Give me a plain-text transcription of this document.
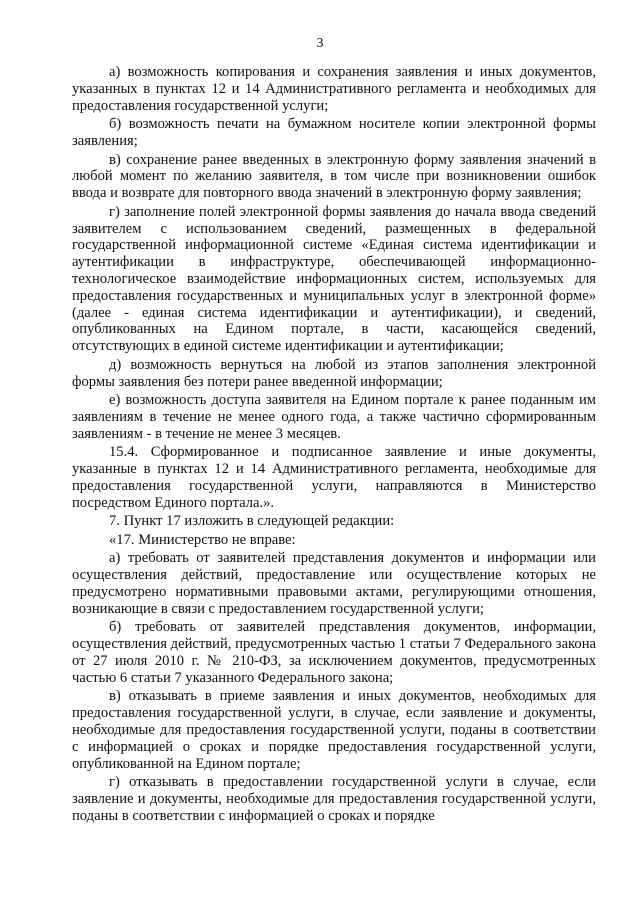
3

а) возможность копирования и сохранения заявления и иных документов, указанных в пунктах 12 и 14 Административного регламента и необходимых для предоставления государственной услуги;

б) возможность печати на бумажном носителе копии электронной формы заявления;

в) сохранение ранее введенных в электронную форму заявления значений в любой момент по желанию заявителя, в том числе при возникновении ошибок ввода и возврате для повторного ввода значений в электронную форму заявления;

г) заполнение полей электронной формы заявления до начала ввода сведений заявителем с использованием сведений, размещенных в федеральной государственной информационной системе «Единая система идентификации и аутентификации в инфраструктуре, обеспечивающей информационно-технологическое взаимодействие информационных систем, используемых для предоставления государственных и муниципальных услуг в электронной форме» (далее - единая система идентификации и аутентификации), и сведений, опубликованных на Едином портале, в части, касающейся сведений, отсутствующих в единой системе идентификации и аутентификации;

д) возможность вернуться на любой из этапов заполнения электронной формы заявления без потери ранее введенной информации;

е) возможность доступа заявителя на Едином портале к ранее поданным им заявлениям в течение не менее одного года, а также частично сформированным заявлениям - в течение не менее 3 месяцев.

15.4. Сформированное и подписанное заявление и иные документы, указанные в пунктах 12 и 14 Административного регламента, необходимые для предоставления государственной услуги, направляются в Министерство посредством Единого портала.».

7. Пункт 17 изложить в следующей редакции:

«17. Министерство не вправе:

а) требовать от заявителей представления документов и информации или осуществления действий, предоставление или осуществление которых не предусмотрено нормативными правовыми актами, регулирующими отношения, возникающие в связи с предоставлением государственной услуги;

б) требовать от заявителей представления документов, информации, осуществления действий, предусмотренных частью 1 статьи 7 Федерального закона от 27 июля 2010 г. № 210-ФЗ, за исключением документов, предусмотренных частью 6 статьи 7 указанного Федерального закона;

в) отказывать в приеме заявления и иных документов, необходимых для предоставления государственной услуги, в случае, если заявление и документы, необходимые для предоставления государственной услуги, поданы в соответствии с информацией о сроках и порядке предоставления государственной услуги, опубликованной на Едином портале;

г) отказывать в предоставлении государственной услуги в случае, если заявление и документы, необходимые для предоставления государственной услуги, поданы в соответствии с информацией о сроках и порядке
